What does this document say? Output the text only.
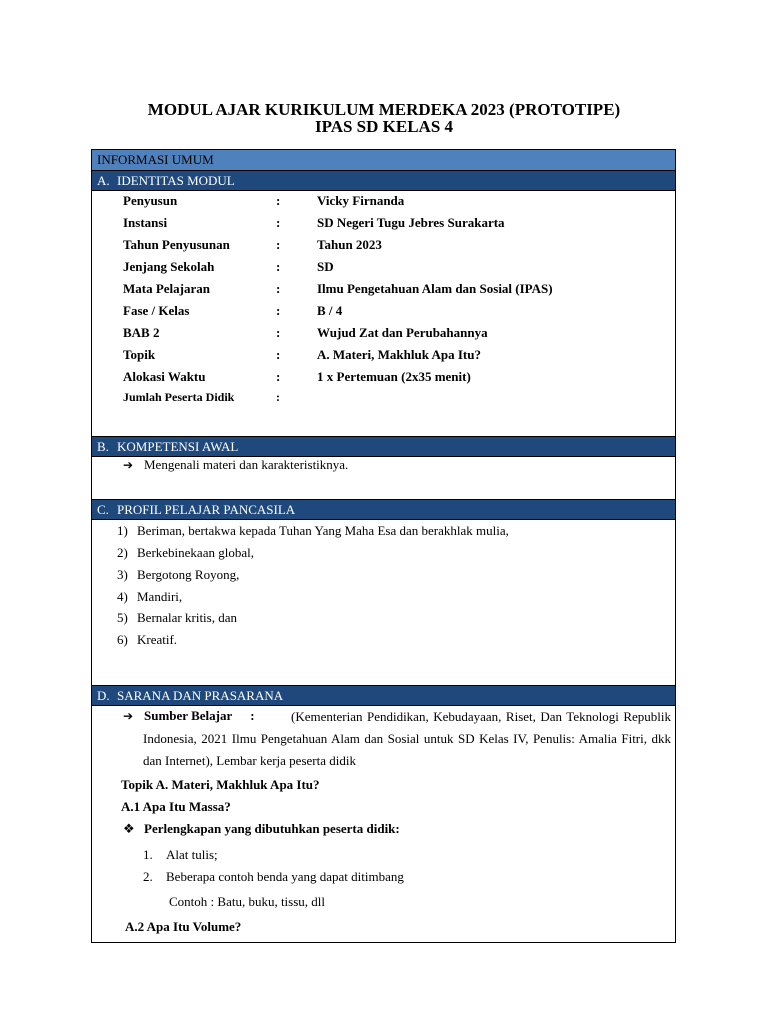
MODUL AJAR KURIKULUM MERDEKA 2023 (PROTOTIPE)
IPAS SD KELAS 4
INFORMASI UMUM
A. IDENTITAS MODUL
Penyusun	:	Vicky Firnanda
Instansi	:	SD Negeri Tugu Jebres Surakarta
Tahun Penyusunan	:	Tahun 2023
Jenjang Sekolah	:	SD
Mata Pelajaran	:	Ilmu Pengetahuan Alam dan Sosial (IPAS)
Fase / Kelas	:	B / 4
BAB 2	:	Wujud Zat dan Perubahannya
Topik	:	A. Materi, Makhluk Apa Itu?
Alokasi Waktu	:	1 x Pertemuan (2x35 menit)
Jumlah Peserta Didik	:
B. KOMPETENSI AWAL
➔ Mengenali materi dan karakteristiknya.
C. PROFIL PELAJAR PANCASILA
1) Beriman, bertakwa kepada Tuhan Yang Maha Esa dan berakhlak mulia,
2) Berkebinekaan global,
3) Bergotong Royong,
4) Mandiri,
5) Bernalar kritis, dan
6) Kreatif.
D. SARANA DAN PRASARANA
➔ Sumber Belajar :	(Kementerian Pendidikan, Kebudayaan, Riset, Dan Teknologi Republik Indonesia, 2021 Ilmu Pengetahuan Alam dan Sosial untuk SD Kelas IV, Penulis: Amalia Fitri, dkk dan Internet), Lembar kerja peserta didik
Topik A. Materi, Makhluk Apa Itu?
A.1 Apa Itu Massa?
❖ Perlengkapan yang dibutuhkan peserta didik:
1. Alat tulis;
2. Beberapa contoh benda yang dapat ditimbang
Contoh : Batu, buku, tissu, dll
A.2 Apa Itu Volume?
